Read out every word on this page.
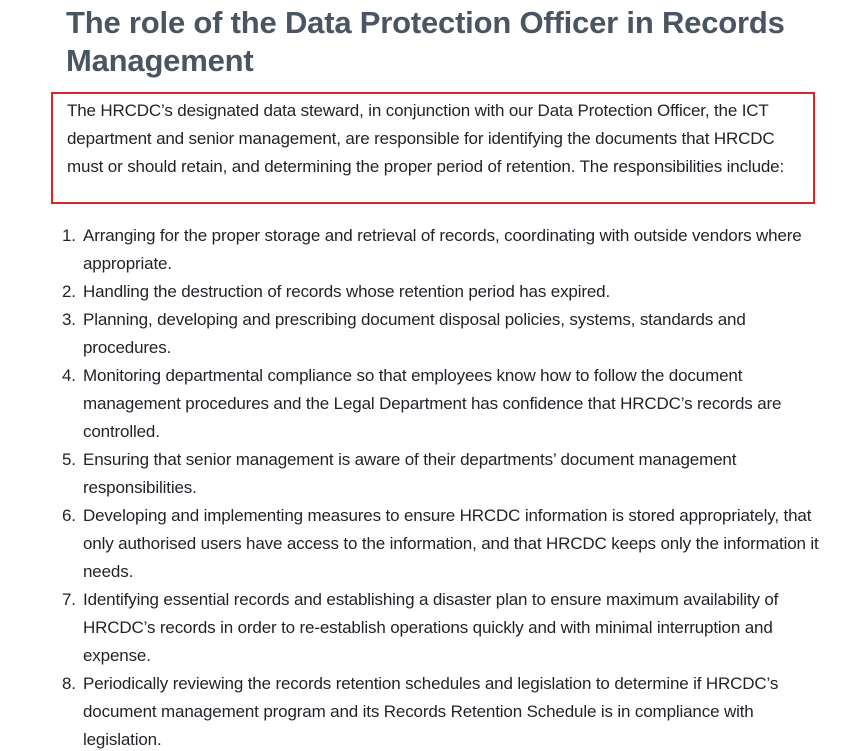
The role of the Data Protection Officer in Records Management

The HRCDC’s designated data steward, in conjunction with our Data Protection Officer, the ICT department and senior management, are responsible for identifying the documents that HRCDC must or should retain, and determining the proper period of retention. The responsibilities include:

1. Arranging for the proper storage and retrieval of records, coordinating with outside vendors where appropriate.
2. Handling the destruction of records whose retention period has expired.
3. Planning, developing and prescribing document disposal policies, systems, standards and procedures.
4. Monitoring departmental compliance so that employees know how to follow the document management procedures and the Legal Department has confidence that HRCDC’s records are controlled.
5. Ensuring that senior management is aware of their departments’ document management responsibilities.
6. Developing and implementing measures to ensure HRCDC information is stored appropriately, that only authorised users have access to the information, and that HRCDC keeps only the information it needs.
7. Identifying essential records and establishing a disaster plan to ensure maximum availability of HRCDC’s records in order to re-establish operations quickly and with minimal interruption and expense.
8. Periodically reviewing the records retention schedules and legislation to determine if HRCDC’s document management program and its Records Retention Schedule is in compliance with legislation.
